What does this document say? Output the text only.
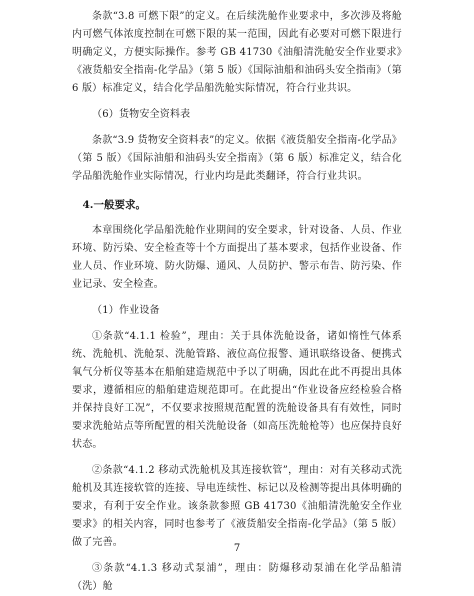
条款“3.8 可燃下限”的定义。在后续洗舱作业要求中，多次涉及将舱内可燃气体浓度控制在可燃下限的某一范围，因此有必要对可燃下限进行明确定义，方便实际操作。参考 GB 41730《油船清洗舱安全作业要求》《液货船安全指南-化学品》（第 5 版）《国际油船和油码头安全指南》（第 6 版）标准定义，结合化学品船洗舱实际情况，符合行业共识。

（6）货物安全资料表

条款“3.9 货物安全资料表”的定义。依据《液货船安全指南-化学品》（第 5 版）《国际油船和油码头安全指南》（第 6 版）标准定义，结合化学品船洗舱作业实际情况，行业内均是此类翻译，符合行业共识。

4.一般要求。

本章围绕化学品船洗舱作业期间的安全要求，针对设备、人员、作业环境、防污染、安全检查等十个方面提出了基本要求，包括作业设备、作业人员、作业环境、防火防爆、通风、人员防护、警示布告、防污染、作业记录、安全检查。

（1）作业设备

①条款“4.1.1 检验”，理由：关于具体洗舱设备，诸如惰性气体系统、洗舱机、洗舱泵、洗舱管路、液位高位报警、通讯联络设备、便携式氧气分析仪等基本在船舶建造规范中予以了明确，因此在此不再提出具体要求，遵循相应的船舶建造规范即可。在此提出“作业设备应经检验合格并保持良好工况”，不仅要求按照规范配置的洗舱设备具有有效性，同时要求洗舱站点等所配置的相关洗舱设备（如高压洗舱枪等）也应保持良好状态。

②条款“4.1.2 移动式洗舱机及其连接软管”，理由：对有关移动式洗舱机及其连接软管的连接、导电连续性、标记以及检测等提出具体明确的要求，有利于安全作业。该条款参照 GB 41730《油船清洗舱安全作业要求》的相关内容，同时也参考了《液货船安全指南-化学品》（第 5 版）做了完善。

③条款“4.1.3 移动式泵浦”，理由：防爆移动泵浦在化学品船清（洗）舱

7
